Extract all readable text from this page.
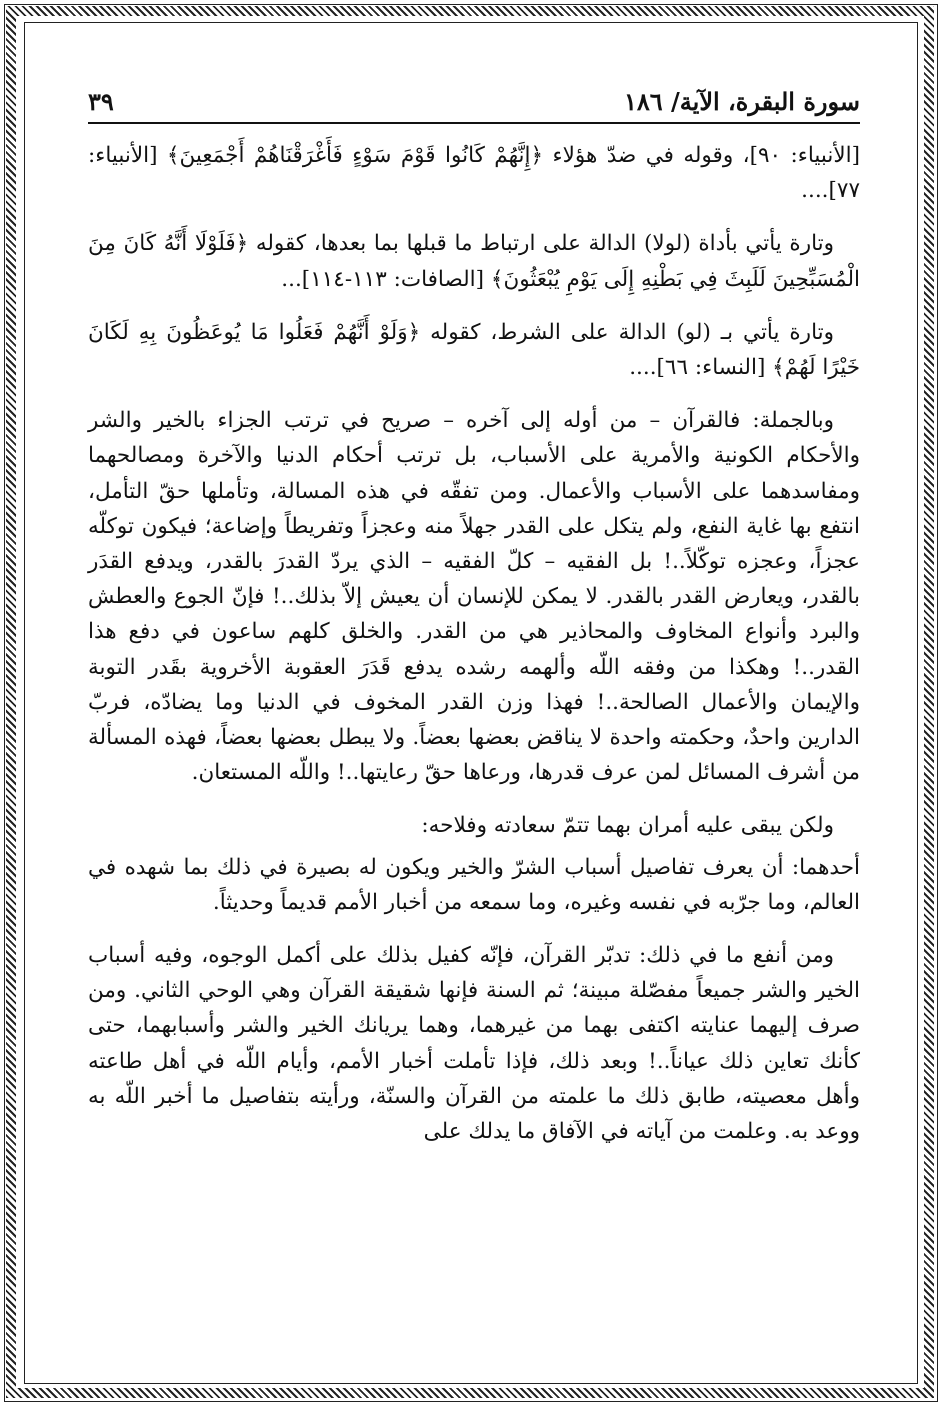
سورة البقرة، الآية/ ١٨٦
٣٩

[الأنبياء: ٩٠]، وقوله في ضدّ هؤلاء ﴿إِنَّهُمْ كَانُوا قَوْمَ سَوْءٍ فَأَغْرَقْنَاهُمْ أَجْمَعِينَ﴾ [الأنبياء: ٧٧]....

وتارة يأتي بأداة (لولا) الدالة على ارتباط ما قبلها بما بعدها، كقوله ﴿فَلَوْلَا أَنَّهُ كَانَ مِنَ الْمُسَبِّحِينَ لَلَبِثَ فِي بَطْنِهِ إِلَى يَوْمِ يُبْعَثُونَ﴾ [الصافات: ١١٣-١١٤]...

وتارة يأتي بـ (لو) الدالة على الشرط، كقوله ﴿وَلَوْ أَنَّهُمْ فَعَلُوا مَا يُوعَظُونَ بِهِ لَكَانَ خَيْرًا لَهُمْ﴾ [النساء: ٦٦]....

وبالجملة: فالقرآن – من أوله إلى آخره – صريح في ترتب الجزاء بالخير والشر والأحكام الكونية والأمرية على الأسباب، بل ترتب أحكام الدنيا والآخرة ومصالحهما ومفاسدهما على الأسباب والأعمال. ومن تفقّه في هذه المسالة، وتأملها حقّ التأمل، انتفع بها غاية النفع، ولم يتكل على القدر جهلاً منه وعجزاً وتفريطاً وإضاعة؛ فيكون توكلّه عجزاً، وعجزه توكّلاً..! بل الفقيه – كلّ الفقيه – الذي يردّ القدرَ بالقدر، ويدفع القدَر بالقدر، ويعارض القدر بالقدر. لا يمكن للإنسان أن يعيش إلاّ بذلك..! فإنّ الجوع والعطش والبرد وأنواع المخاوف والمحاذير هي من القدر. والخلق كلهم ساعون في دفع هذا القدر..! وهكذا من وفقه اللّه وألهمه رشده يدفع قَدَرَ العقوبة الأخروية بقَدر التوبة والإيمان والأعمال الصالحة..! فهذا وزن القدر المخوف في الدنيا وما يضادّه، فربّ الدارين واحدٌ، وحكمته واحدة لا يناقض بعضها بعضاً. ولا يبطل بعضها بعضاً، فهذه المسألة من أشرف المسائل لمن عرف قدرها، ورعاها حقّ رعايتها..! واللّه المستعان.

ولكن يبقى عليه أمران بهما تتمّ سعادته وفلاحه:

أحدهما: أن يعرف تفاصيل أسباب الشرّ والخير ويكون له بصيرة في ذلك بما شهده في العالم، وما جرّبه في نفسه وغيره، وما سمعه من أخبار الأمم قديماً وحديثاً.

ومن أنفع ما في ذلك: تدبّر القرآن، فإنّه كفيل بذلك على أكمل الوجوه، وفيه أسباب الخير والشر جميعاً مفصّلة مبينة؛ ثم السنة فإنها شقيقة القرآن وهي الوحي الثاني. ومن صرف إليهما عنايته اكتفى بهما من غيرهما، وهما يريانك الخير والشر وأسبابهما، حتى كأنك تعاين ذلك عياناً..! وبعد ذلك، فإذا تأملت أخبار الأمم، وأيام اللّه في أهل طاعته وأهل معصيته، طابق ذلك ما علمته من القرآن والسنّة، ورأيته بتفاصيل ما أخبر اللّه به ووعد به. وعلمت من آياته في الآفاق ما يدلك على
